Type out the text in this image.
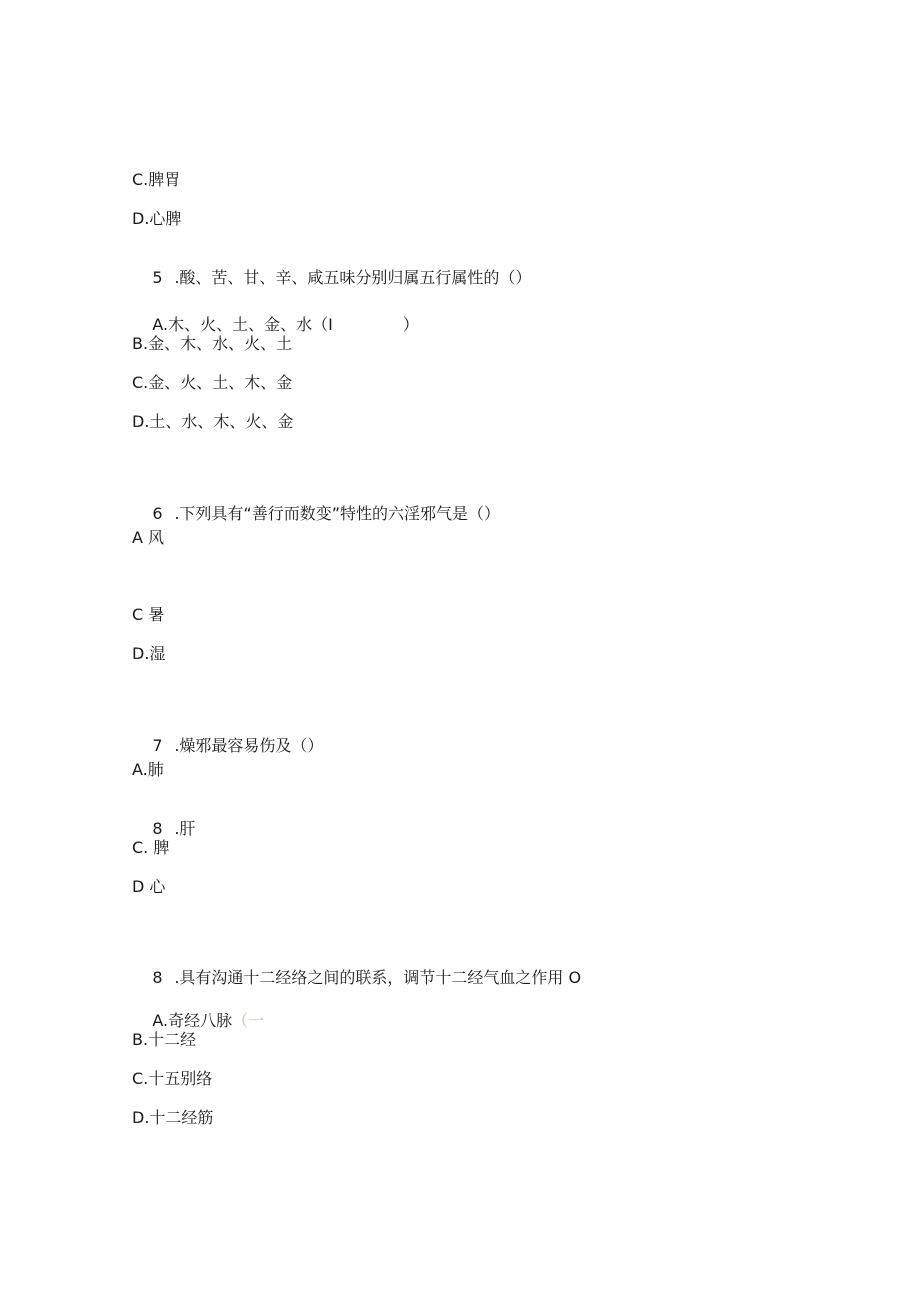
C.脾胃
D.心脾

5 .酸、苦、甘、辛、咸五味分别归属五行属性的（）

A.木、火、土、金、水（I	）

B.金、木、水、火、土
C.金、火、土、木、金
D.土、水、木、火、金

6 .下列具有“善行而数变”特性的六淫邪气是（）

A 风
C 暑
D.湿

7 .燥邪最容易伤及（）

A.肺

8 .肝

C. 脾
D 心

8 .具有沟通十二经络之间的联系，调节十二经气血之作用 O

A.奇经八脉（一

B.十二经
C.十五别络
D.十二经筋
